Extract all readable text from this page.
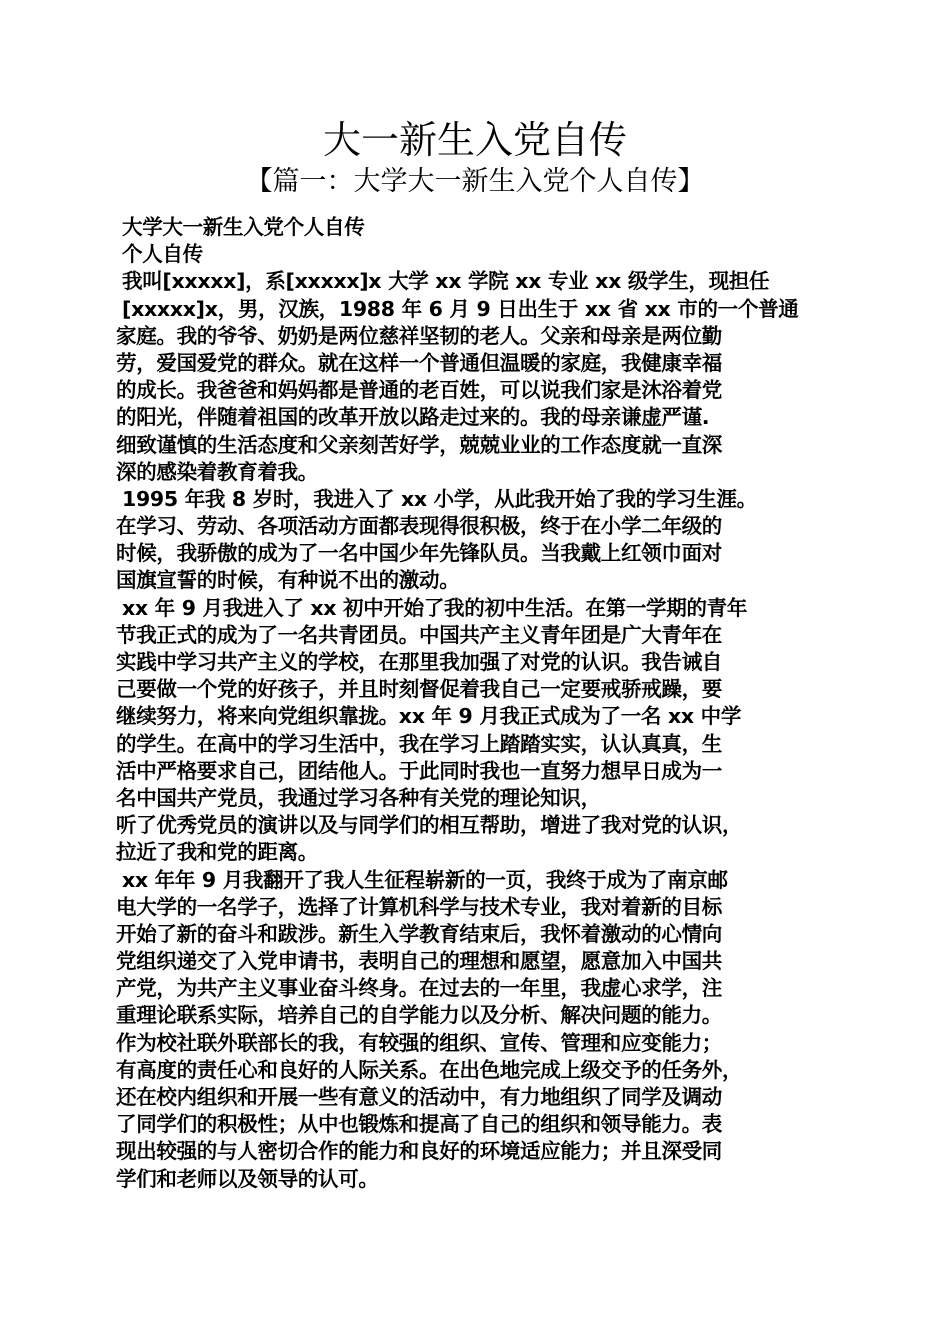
大一新生入党自传
【篇一：大学大一新生入党个人自传】
大学大一新生入党个人自传
个人自传
我叫[xxxxx]，系[xxxxx]x 大学 xx 学院 xx 专业 xx 级学生，现担任
[xxxxx]x，男，汉族，1988 年 6 月 9 日出生于 xx 省 xx 市的一个普通
家庭。我的爷爷、奶奶是两位慈祥坚韧的老人。父亲和母亲是两位勤
劳，爱国爱党的群众。就在这样一个普通但温暖的家庭，我健康幸福
的成长。我爸爸和妈妈都是普通的老百姓，可以说我们家是沐浴着党
的阳光，伴随着祖国的改革开放以路走过来的。我的母亲谦虚严谨.
细致谨慎的生活态度和父亲刻苦好学，兢兢业业的工作态度就一直深
深的感染着教育着我。
1995 年我 8 岁时，我进入了 xx 小学，从此我开始了我的学习生涯。
在学习、劳动、各项活动方面都表现得很积极，终于在小学二年级的
时候，我骄傲的成为了一名中国少年先锋队员。当我戴上红领巾面对
国旗宣誓的时候，有种说不出的激动。
xx 年 9 月我进入了 xx 初中开始了我的初中生活。在第一学期的青年
节我正式的成为了一名共青团员。中国共产主义青年团是广大青年在
实践中学习共产主义的学校，在那里我加强了对党的认识。我告诫自
己要做一个党的好孩子，并且时刻督促着我自己一定要戒骄戒躁，要
继续努力，将来向党组织靠拢。xx 年 9 月我正式成为了一名 xx 中学
的学生。在高中的学习生活中，我在学习上踏踏实实，认认真真，生
活中严格要求自己，团结他人。于此同时我也一直努力想早日成为一
名中国共产党员，我通过学习各种有关党的理论知识，
听了优秀党员的演讲以及与同学们的相互帮助，增进了我对党的认识，
拉近了我和党的距离。
xx 年年 9 月我翻开了我人生征程崭新的一页，我终于成为了南京邮
电大学的一名学子，选择了计算机科学与技术专业，我对着新的目标
开始了新的奋斗和跋涉。新生入学教育结束后，我怀着激动的心情向
党组织递交了入党申请书，表明自己的理想和愿望，愿意加入中国共
产党，为共产主义事业奋斗终身。在过去的一年里，我虚心求学，注
重理论联系实际，培养自己的自学能力以及分析、解决问题的能力。
作为校社联外联部长的我，有较强的组织、宣传、管理和应变能力；
有高度的责任心和良好的人际关系。在出色地完成上级交予的任务外，
还在校内组织和开展一些有意义的活动中，有力地组织了同学及调动
了同学们的积极性；从中也锻炼和提高了自己的组织和领导能力。表
现出较强的与人密切合作的能力和良好的环境适应能力；并且深受同
学们和老师以及领导的认可。
